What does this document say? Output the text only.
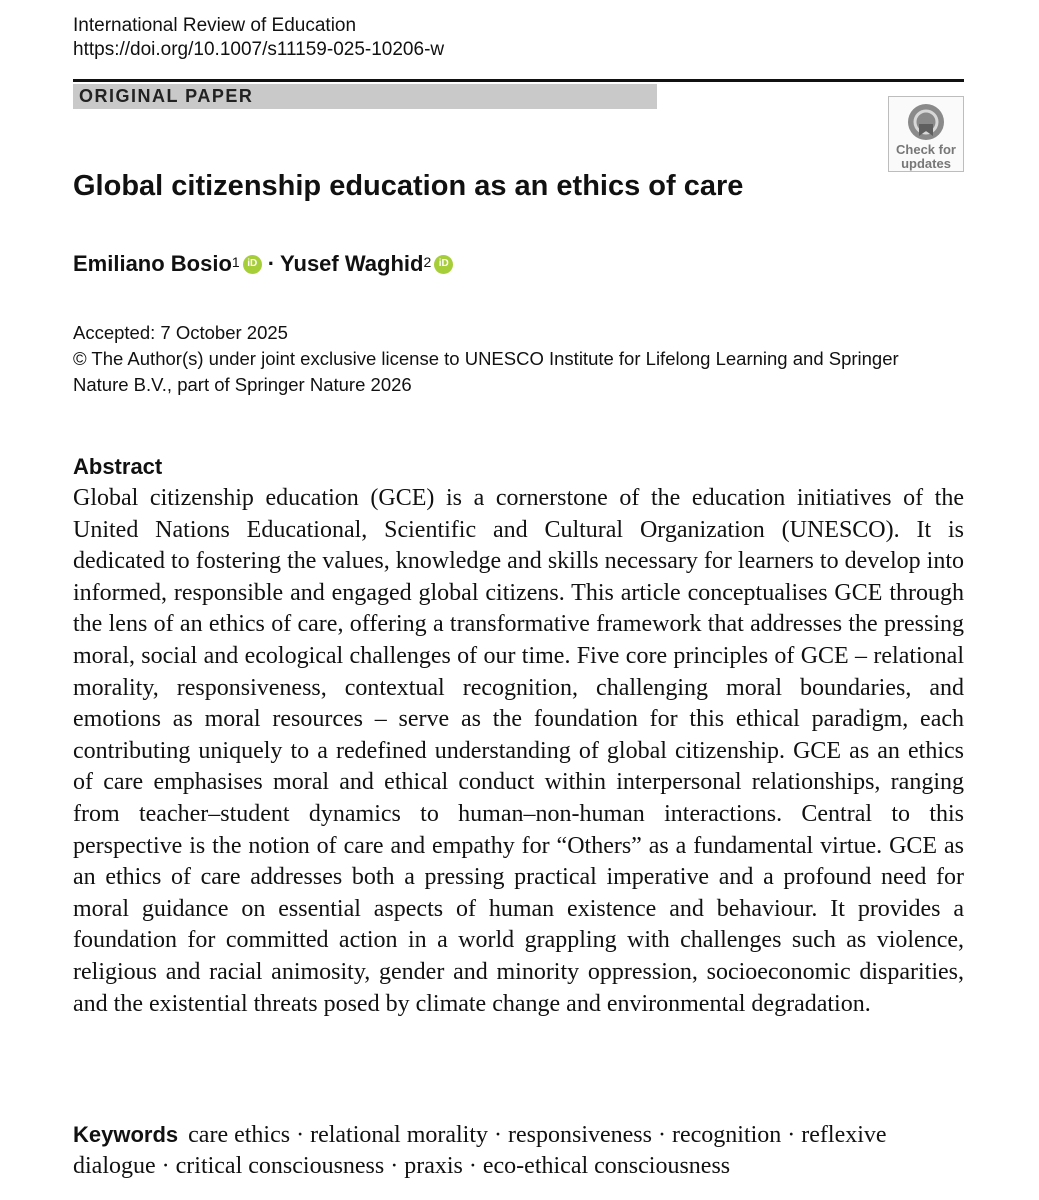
International Review of Education
https://doi.org/10.1007/s11159-025-10206-w
ORIGINAL PAPER
Check for
updates
Global citizenship education as an ethics of care
Emiliano Bosio$^1$ iD · Yusef Waghid$^2$ iD
Accepted: 7 October 2025
© The Author(s) under joint exclusive license to UNESCO Institute for Lifelong Learning and Springer Nature B.V., part of Springer Nature 2026
Abstract

Global citizenship education (GCE) is a cornerstone of the education initiatives of the United Nations Educational, Scientific and Cultural Organization (UNESCO). It is dedicated to fostering the values, knowledge and skills necessary for learners to develop into informed, responsible and engaged global citizens. This article conceptualises GCE through the lens of an ethics of care, offering a transformative framework that addresses the pressing moral, social and ecological challenges of our time. Five core principles of GCE – relational morality, responsiveness, contextual recognition, challenging moral boundaries, and emotions as moral resources – serve as the foundation for this ethical paradigm, each contributing uniquely to a redefined understanding of global citizenship. GCE as an ethics of care emphasises moral and ethical conduct within interpersonal relationships, ranging from teacher–student dynamics to human–non-human interactions. Central to this perspective is the notion of care and empathy for “Others” as a fundamental virtue. GCE as an ethics of care addresses both a pressing practical imperative and a profound need for moral guidance on essential aspects of human existence and behaviour. It provides a foundation for committed action in a world grappling with challenges such as violence, religious and racial animosity, gender and minority oppression, socioeconomic disparities, and the existential threats posed by climate change and environmental degradation.

Keywords care ethics · relational morality · responsiveness · recognition · reflexive dialogue · critical consciousness · praxis · eco-ethical consciousness
